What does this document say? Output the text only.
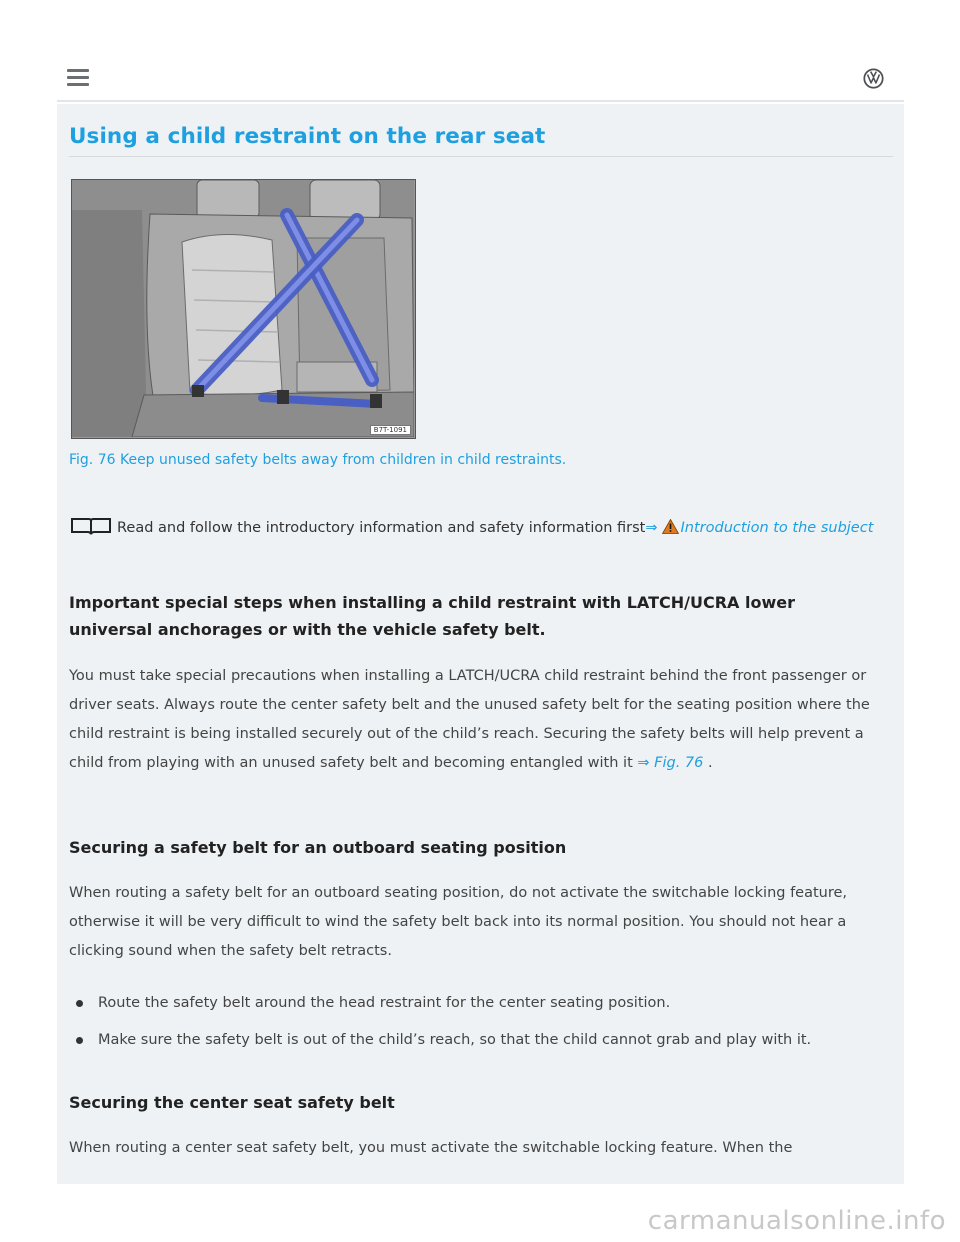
Using a child restraint on the rear seat
B7T-1091
Fig. 76 Keep unused safety belts away from children in child restraints.
Read and follow the introductory information and safety information first⇒ Introduction to the subject
Important special steps when installing a child restraint with LATCH/UCRA lower universal anchorages or with the vehicle safety belt.
You must take special precautions when installing a LATCH/UCRA child restraint behind the front passenger or driver seats. Always route the center safety belt and the unused safety belt for the seating position where the child restraint is being installed securely out of the child’s reach. Securing the safety belts will help prevent a child from playing with an unused safety belt and becoming entangled with it ⇒ Fig. 76 .
Securing a safety belt for an outboard seating position
When routing a safety belt for an outboard seating position, do not activate the switchable locking feature, otherwise it will be very difficult to wind the safety belt back into its normal position. You should not hear a clicking sound when the safety belt retracts.
Route the safety belt around the head restraint for the center seating position.
Make sure the safety belt is out of the child’s reach, so that the child cannot grab and play with it.
Securing the center seat safety belt
When routing a center seat safety belt, you must activate the switchable locking feature. When the
carmanualsonline.info
